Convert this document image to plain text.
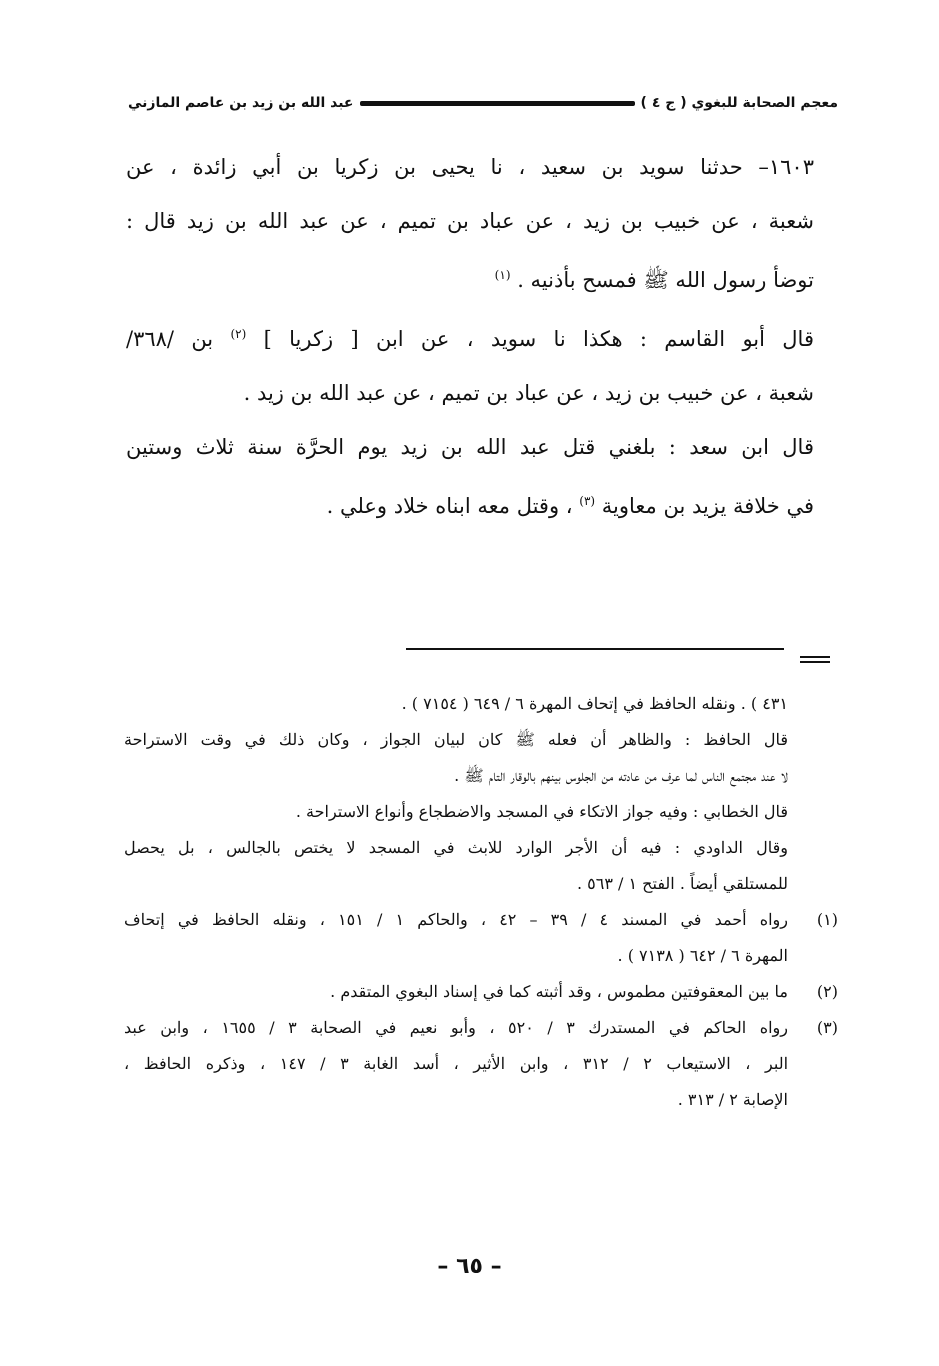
معجم الصحابة للبغوي ( ج ٤ )
عبد الله بن زيد بن عاصم المازني

١٦٠٣– حدثنا سويد بن سعيد ، نا يحيى بن زكريا بن أبي زائدة ، عن
شعبة ، عن خبيب بن زيد ، عن عباد بن تميم ، عن عبد الله بن زيد قال :
توضأ رسول الله ﷺ فمسح بأذنيه . $^{(١)}$

قال أبو القاسم : هكذا نا سويد ، عن ابن [ زكريا ] $^{(٢)}$ بن /٣٦٨/
شعبة ، عن خبيب بن زيد ، عن عباد بن تميم ، عن عبد الله بن زيد .

قال ابن سعد : بلغني قتل عبد الله بن زيد يوم الحرَّة سنة ثلاث وستين
في خلافة يزيد بن معاوية $^{(٣)}$ ، وقتل معه ابناه خلاد وعلي .

٤٣١ ) . ونقله الحافظ في إتحاف المهرة ٦ / ٦٤٩ ( ٧١٥٤ ) .
قال الحافظ : والظاهر أن فعله ﷺ كان لبيان الجواز ، وكان ذلك في وقت الاستراحة
لا عند مجتمع الناس لما عرف من عادته من الجلوس بينهم بالوقار التام ﷺ .
قال الخطابي : وفيه جواز الاتكاء في المسجد والاضطجاع وأنواع الاستراحة .
وقال الداودي : فيه أن الأجر الوارد للابث في المسجد لا يختص بالجالس ، بل يحصل
للمستلقي أيضاً . الفتح ١ / ٥٦٣ .
(١)
رواه أحمد في المسند ٤ / ٣٩ – ٤٢ ، والحاكم ١ / ١٥١ ، ونقله الحافظ في إتحاف
المهرة ٦ / ٦٤٢ ( ٧١٣٨ ) .
(٢)
ما بين المعقوفتين مطموس ، وقد أثبته كما في إسناد البغوي المتقدم .
(٣)
رواه الحاكم في المستدرك ٣ / ٥٢٠ ، وأبو نعيم في الصحابة ٣ / ١٦٥٥ ، وابن عبد
البر ، الاستيعاب ٢ / ٣١٢ ، وابن الأثير ، أسد الغابة ٣ / ١٤٧ ، وذكره الحافظ ،
الإصابة ٢ / ٣١٣ .
– ٦٥ –
